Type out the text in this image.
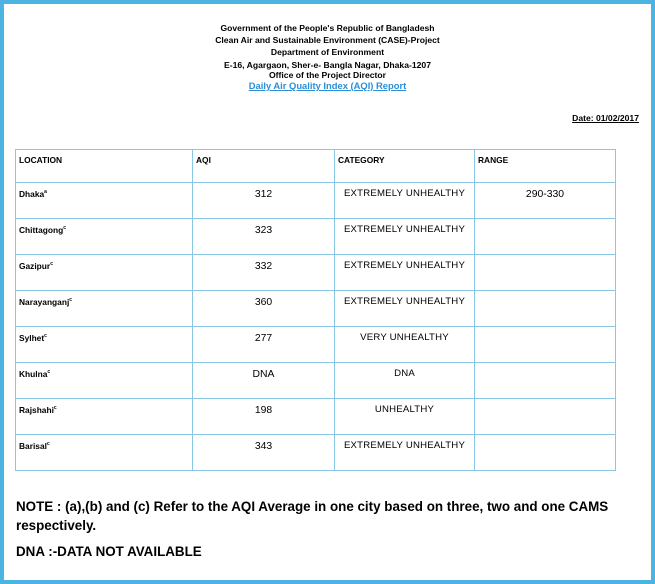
Government of the People's Republic of Bangladesh
Clean Air and Sustainable Environment (CASE)-Project
Department of Environment
E-16, Agargaon, Sher-e- Bangla Nagar, Dhaka-1207
Office of the Project Director
Daily Air Quality Index (AQI) Report
Date: 01/02/2017
LOCATION	AQI	CATEGORY	RANGE
Dhaka$^a$	312	EXTREMELY UNHEALTHY	290-330
Chittagong$^c$	323	EXTREMELY UNHEALTHY	
Gazipur$^c$	332	EXTREMELY UNHEALTHY	
Narayanganj$^c$	360	EXTREMELY UNHEALTHY	
Sylhet$^c$	277	VERY UNHEALTHY	
Khulna$^c$	DNA	DNA	
Rajshahi$^c$	198	UNHEALTHY	
Barisal$^c$	343	EXTREMELY UNHEALTHY	
NOTE : (a),(b) and (c) Refer to the AQI Average in one city based on three, two and one CAMS respectively.
DNA :-DATA NOT AVAILABLE
